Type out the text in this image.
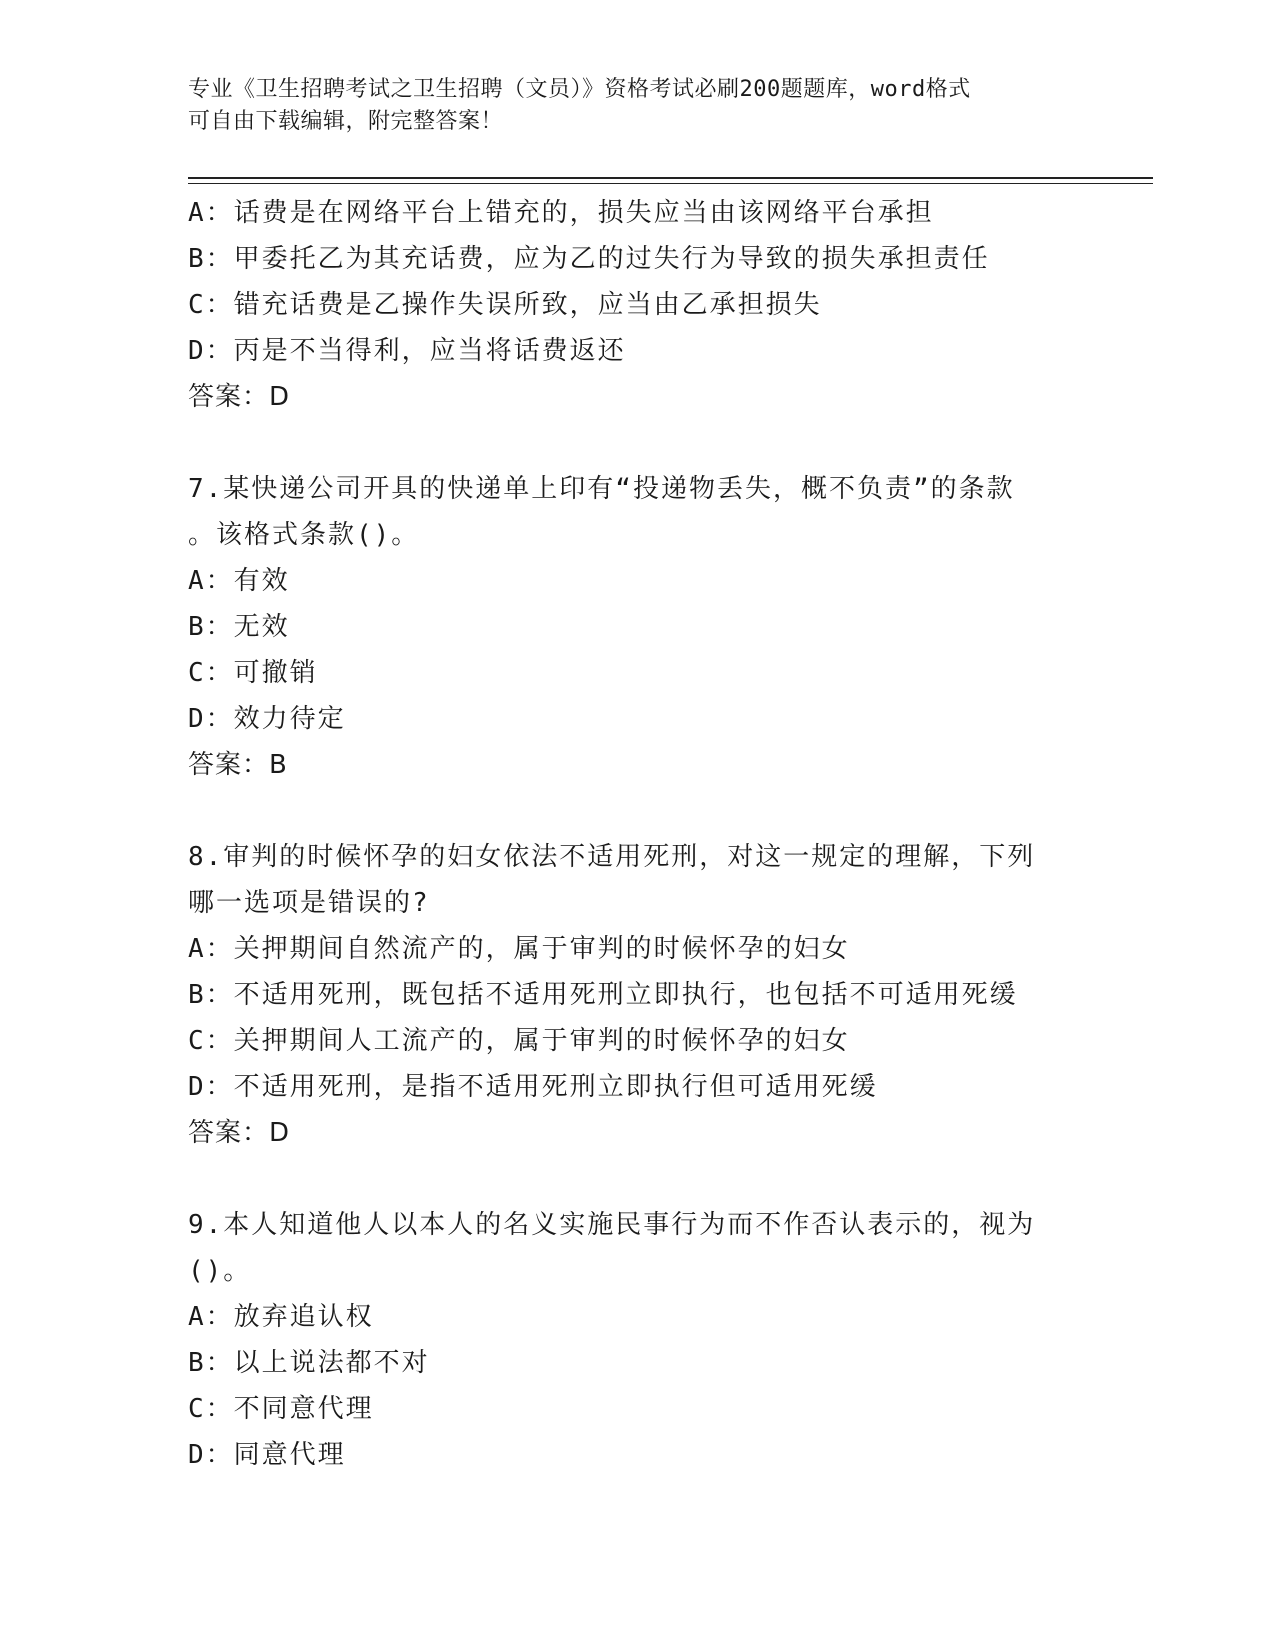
专业《卫生招聘考试之卫生招聘（文员）》资格考试必刷200题题库，word格式
可自由下载编辑，附完整答案！
A：话费是在网络平台上错充的，损失应当由该网络平台承担
B：甲委托乙为其充话费，应为乙的过失行为导致的损失承担责任
C：错充话费是乙操作失误所致，应当由乙承担损失
D：丙是不当得利，应当将话费返还
答案：D
7.某快递公司开具的快递单上印有“投递物丢失，概不负责”的条款
。该格式条款()。
A：有效
B：无效
C：可撤销
D：效力待定
答案：B
8.审判的时候怀孕的妇女依法不适用死刑，对这一规定的理解，下列
哪一选项是错误的?
A：关押期间自然流产的，属于审判的时候怀孕的妇女
B：不适用死刑，既包括不适用死刑立即执行，也包括不可适用死缓
C：关押期间人工流产的，属于审判的时候怀孕的妇女
D：不适用死刑，是指不适用死刑立即执行但可适用死缓
答案：D
9.本人知道他人以本人的名义实施民事行为而不作否认表示的，视为
()。
A：放弃追认权
B：以上说法都不对
C：不同意代理
D：同意代理
